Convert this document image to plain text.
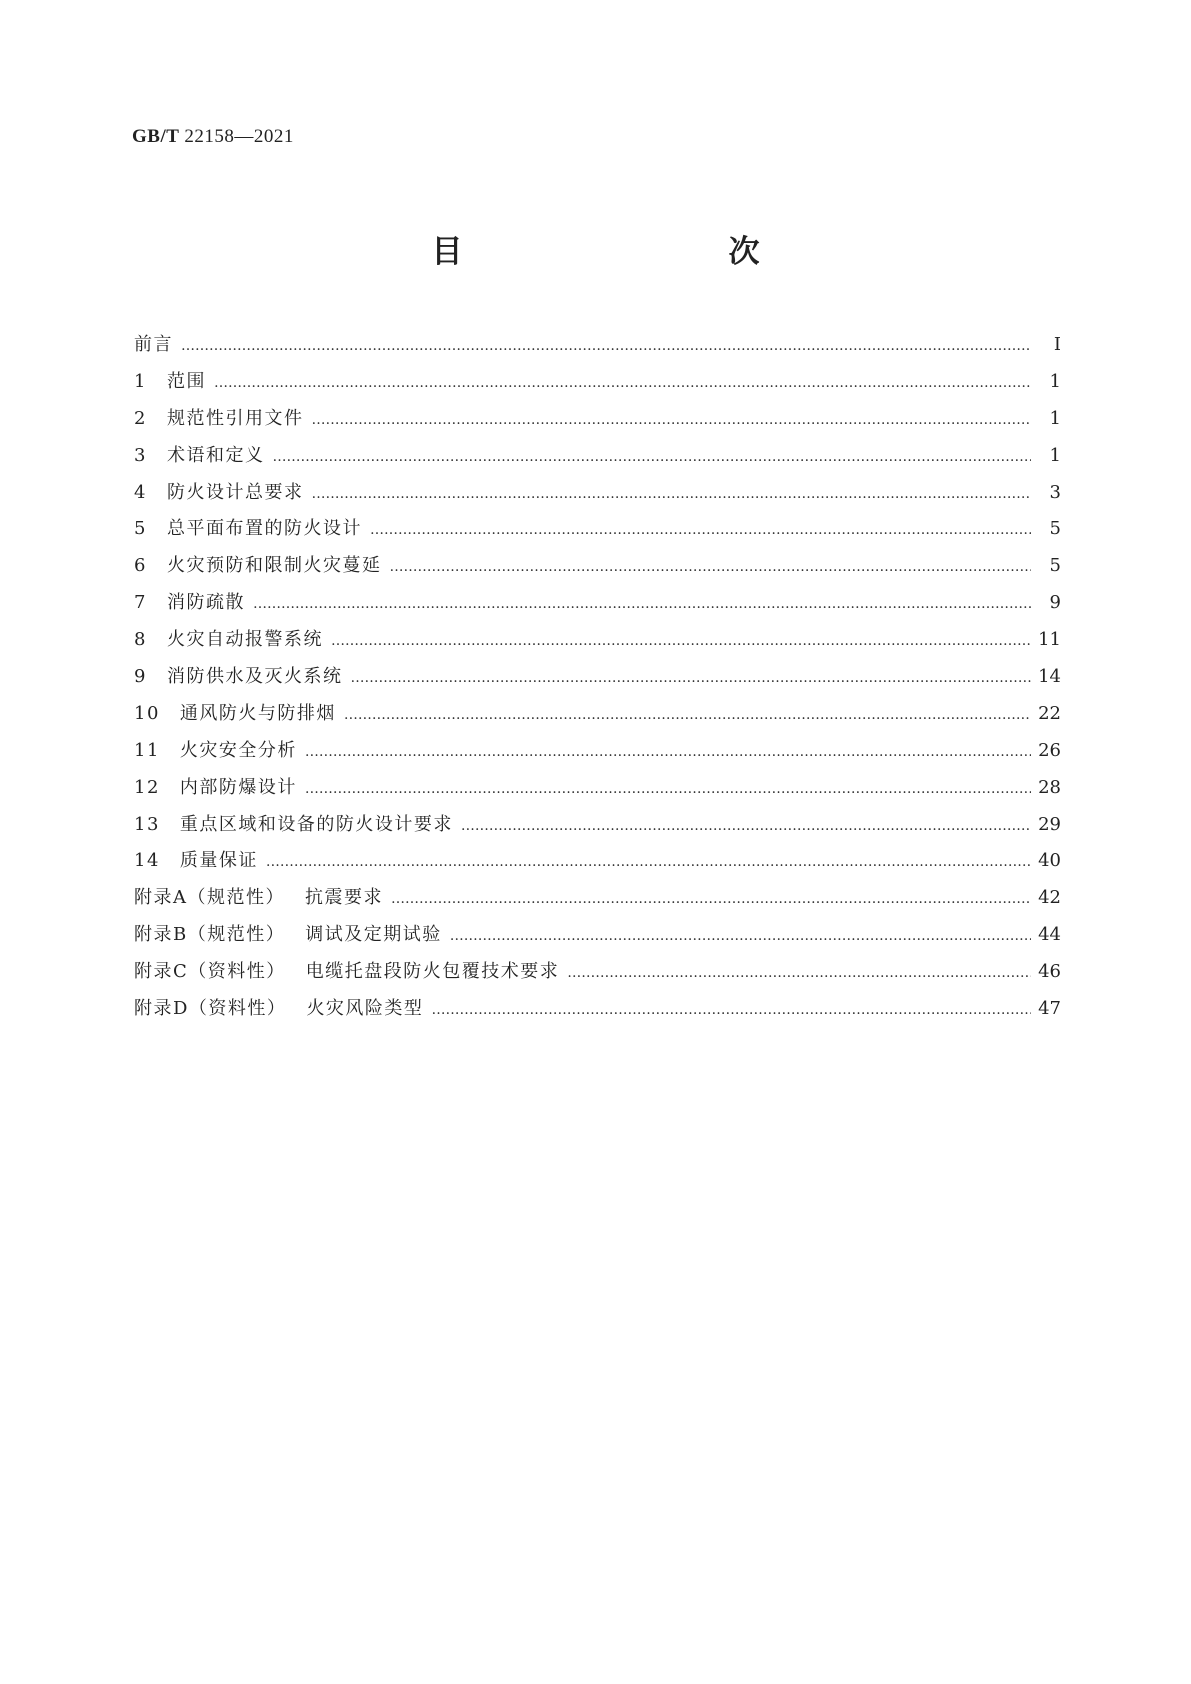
GB/T 22158—2021
目　　次
前言 ………………………………………………………………………………………………………………………………………………………………………………………………………………	Ⅰ
1 范围 ………………………………………………………………………………………………………………………………………………………………………………………………………………	1
2 规范性引用文件 ………………………………………………………………………………………………………………………………………………………………………………………………………………	1
3 术语和定义 ………………………………………………………………………………………………………………………………………………………………………………………………………………	1
4 防火设计总要求 ………………………………………………………………………………………………………………………………………………………………………………………………………………	3
5 总平面布置的防火设计 ………………………………………………………………………………………………………………………………………………………………………………………………………………	5
6 火灾预防和限制火灾蔓延 ………………………………………………………………………………………………………………………………………………………………………………………………………………	5
7 消防疏散 ………………………………………………………………………………………………………………………………………………………………………………………………………………	9
8 火灾自动报警系统 ………………………………………………………………………………………………………………………………………………………………………………………………………………	11
9 消防供水及灭火系统 ………………………………………………………………………………………………………………………………………………………………………………………………………………	14
10 通风防火与防排烟 ………………………………………………………………………………………………………………………………………………………………………………………………………………	22
11 火灾安全分析 ………………………………………………………………………………………………………………………………………………………………………………………………………………	26
12 内部防爆设计 ………………………………………………………………………………………………………………………………………………………………………………………………………………	28
13 重点区域和设备的防火设计要求 ………………………………………………………………………………………………………………………………………………………………………………………………………………	29
14 质量保证 ………………………………………………………………………………………………………………………………………………………………………………………………………………	40
附录A（规范性） 抗震要求 ………………………………………………………………………………………………………………………………………………………………………………………………………………	42
附录B（规范性） 调试及定期试验 ………………………………………………………………………………………………………………………………………………………………………………………………………………	44
附录C（资料性） 电缆托盘段防火包覆技术要求 ………………………………………………………………………………………………………………………………………………………………………………………………………………	46
附录D（资料性） 火灾风险类型 ………………………………………………………………………………………………………………………………………………………………………………………………………………	47
